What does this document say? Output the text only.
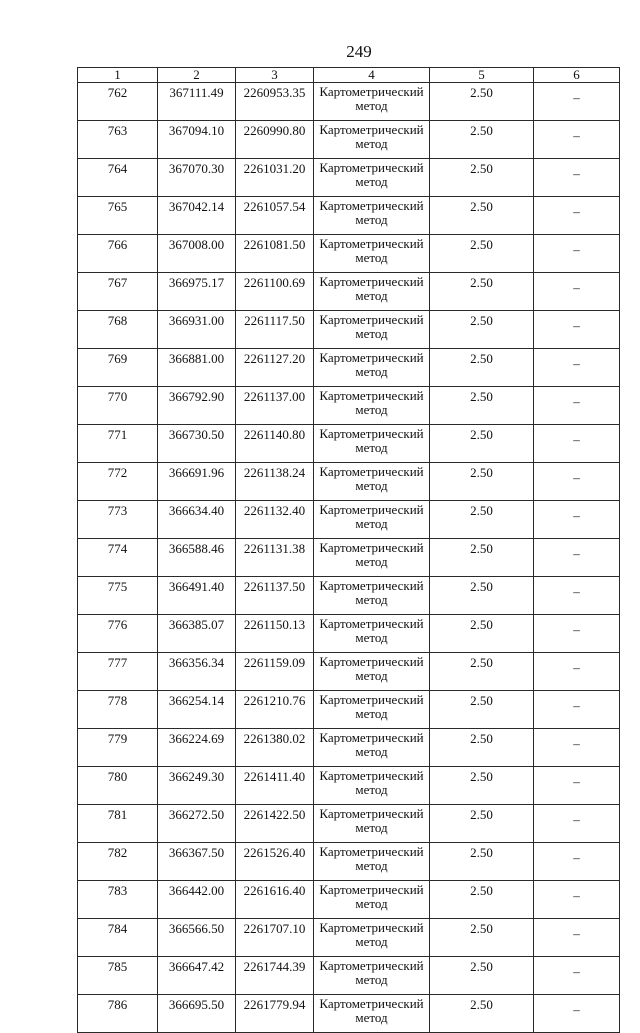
249
1	2	3	4	5	6
762	367111.49	2260953.35	Картометрический метод	2.50	–
763	367094.10	2260990.80	Картометрический метод	2.50	–
764	367070.30	2261031.20	Картометрический метод	2.50	–
765	367042.14	2261057.54	Картометрический метод	2.50	–
766	367008.00	2261081.50	Картометрический метод	2.50	–
767	366975.17	2261100.69	Картометрический метод	2.50	–
768	366931.00	2261117.50	Картометрический метод	2.50	–
769	366881.00	2261127.20	Картометрический метод	2.50	–
770	366792.90	2261137.00	Картометрический метод	2.50	–
771	366730.50	2261140.80	Картометрический метод	2.50	–
772	366691.96	2261138.24	Картометрический метод	2.50	–
773	366634.40	2261132.40	Картометрический метод	2.50	–
774	366588.46	2261131.38	Картометрический метод	2.50	–
775	366491.40	2261137.50	Картометрический метод	2.50	–
776	366385.07	2261150.13	Картометрический метод	2.50	–
777	366356.34	2261159.09	Картометрический метод	2.50	–
778	366254.14	2261210.76	Картометрический метод	2.50	–
779	366224.69	2261380.02	Картометрический метод	2.50	–
780	366249.30	2261411.40	Картометрический метод	2.50	–
781	366272.50	2261422.50	Картометрический метод	2.50	–
782	366367.50	2261526.40	Картометрический метод	2.50	–
783	366442.00	2261616.40	Картометрический метод	2.50	–
784	366566.50	2261707.10	Картометрический метод	2.50	–
785	366647.42	2261744.39	Картометрический метод	2.50	–
786	366695.50	2261779.94	Картометрический метод	2.50	–
